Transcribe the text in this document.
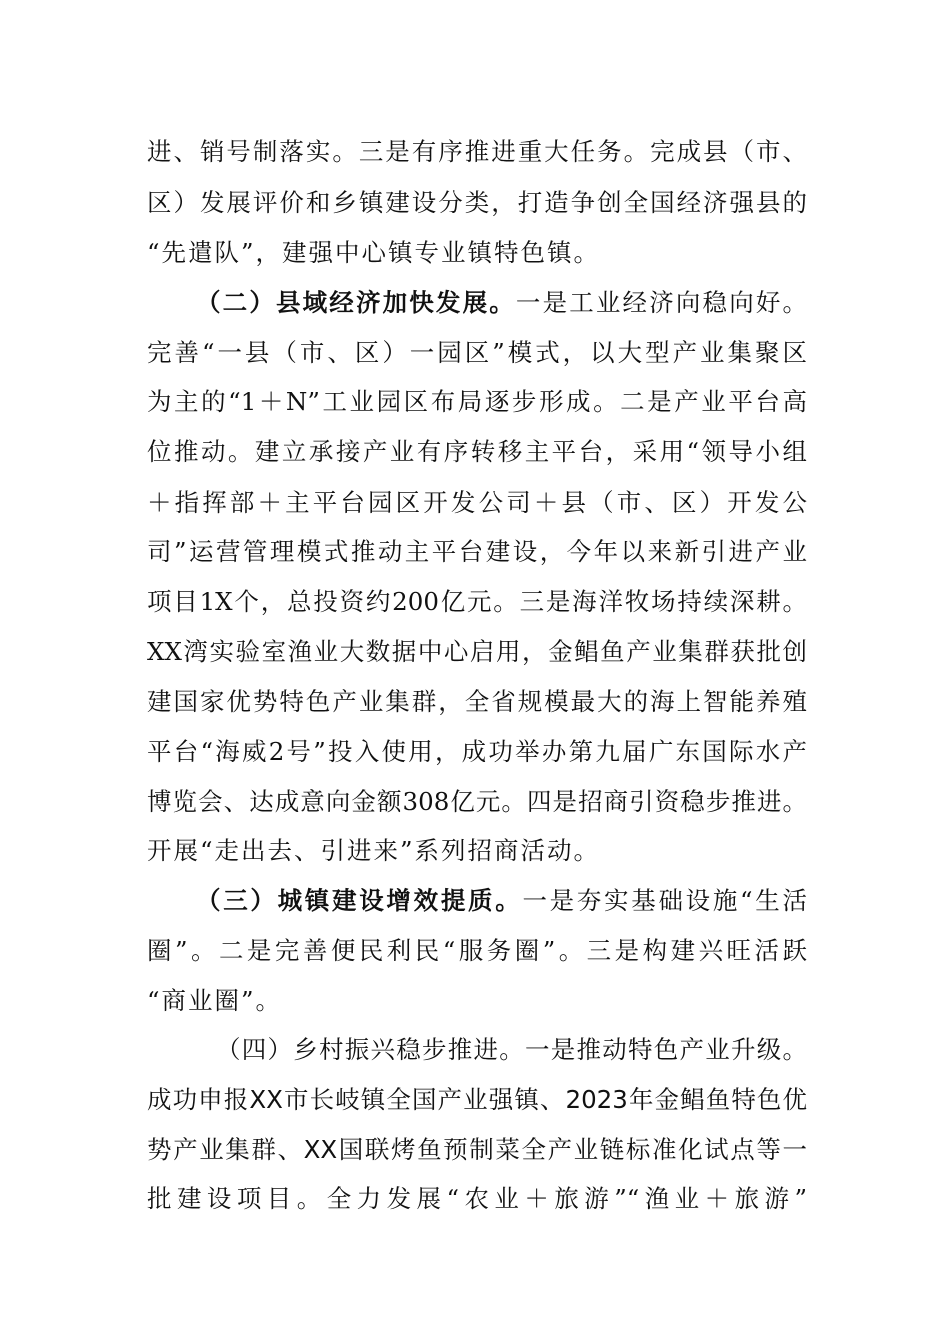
进、销号制落实。三是有序推进重大任务。完成县（市、
区）发展评价和乡镇建设分类，打造争创全国经济强县的
“先遣队”，建强中心镇专业镇特色镇。
（二）县域经济加快发展。一是工业经济向稳向好。
完善“一县（市、区）一园区”模式，以大型产业集聚区
为主的“1＋N”工业园区布局逐步形成。二是产业平台高
位推动。建立承接产业有序转移主平台，采用“领导小组
＋指挥部＋主平台园区开发公司＋县（市、区）开发公
司”运营管理模式推动主平台建设，今年以来新引进产业
项目1X个，总投资约200亿元。三是海洋牧场持续深耕。
XX湾实验室渔业大数据中心启用，金鲳鱼产业集群获批创
建国家优势特色产业集群，全省规模最大的海上智能养殖
平台“海威2号”投入使用，成功举办第九届广东国际水产
博览会、达成意向金额308亿元。四是招商引资稳步推进。
开展“走出去、引进来”系列招商活动。
（三）城镇建设增效提质。一是夯实基础设施“生活
圈”。二是完善便民利民“服务圈”。三是构建兴旺活跃
“商业圈”。
（四）乡村振兴稳步推进。一是推动特色产业升级。
成功申报XX市长岐镇全国产业强镇、2023年金鲳鱼特色优
势产业集群、XX国联烤鱼预制菜全产业链标准化试点等一
批建设项目。全力发展“农业＋旅游”“渔业＋旅游”
